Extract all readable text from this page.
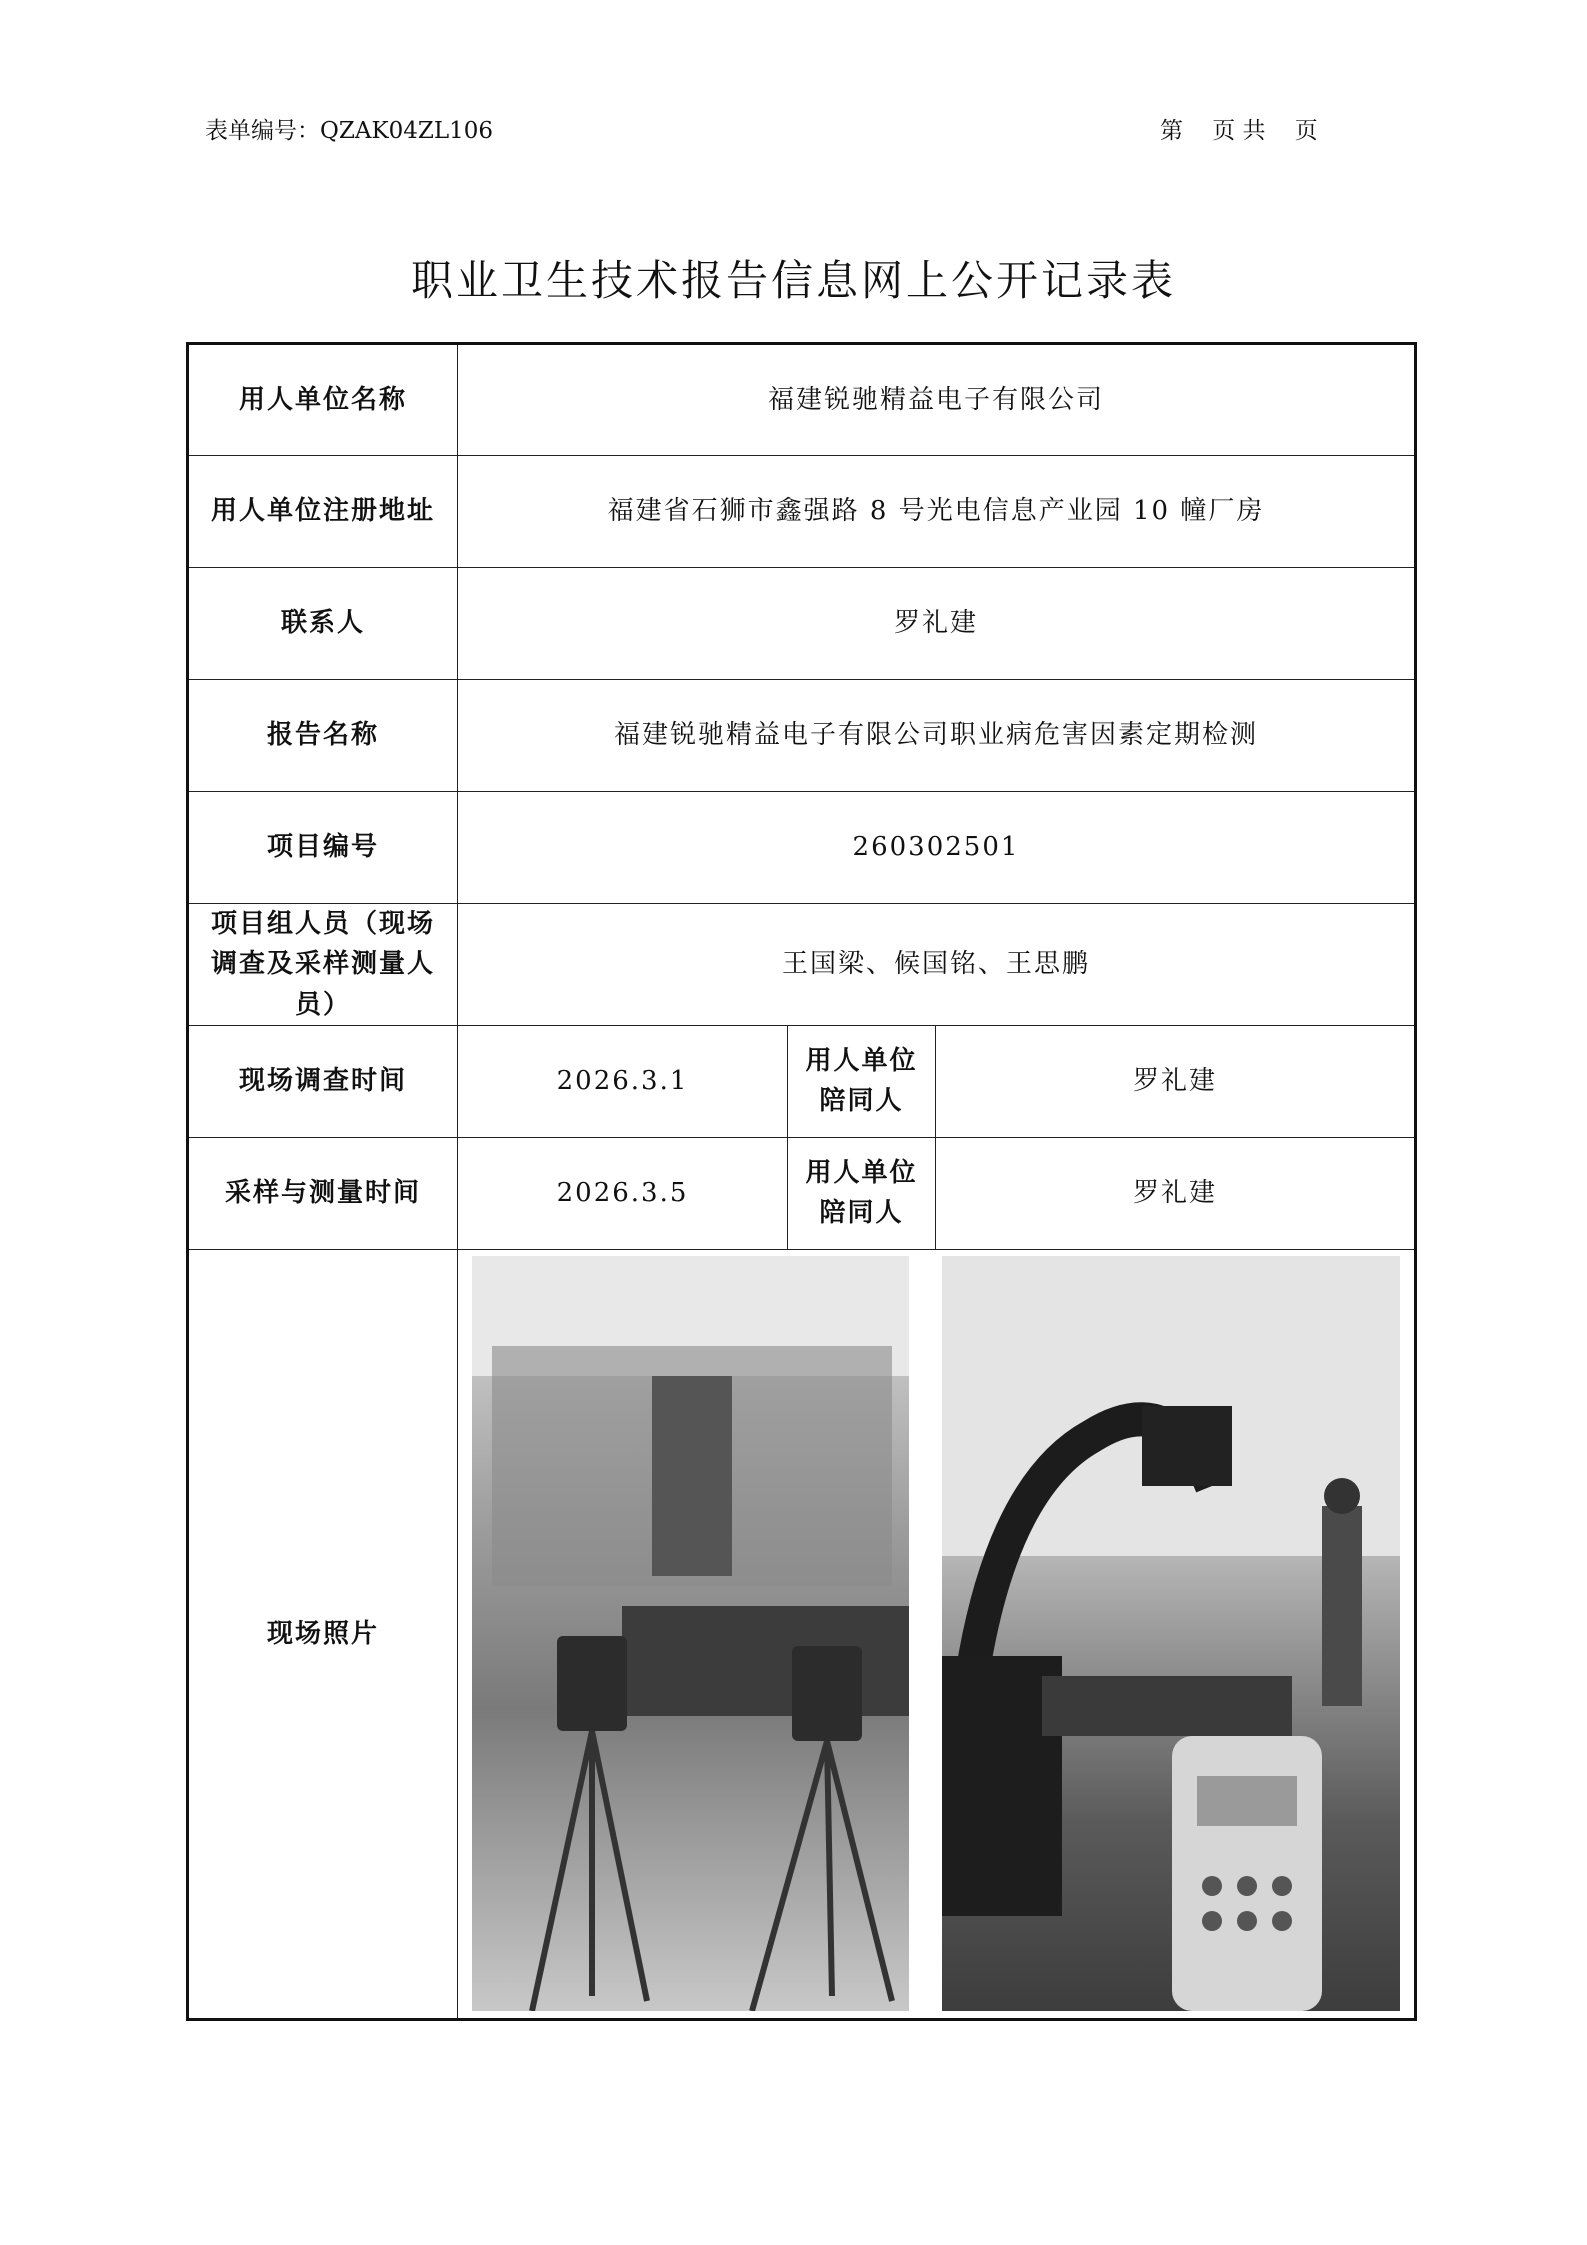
表单编号：QZAK04ZL106	第    页 共    页
职业卫生技术报告信息网上公开记录表
用人单位名称	福建锐驰精益电子有限公司		
用人单位注册地址	福建省石狮市鑫强路 8 号光电信息产业园 10 幢厂房		
联系人	罗礼建		
报告名称	福建锐驰精益电子有限公司职业病危害因素定期检测		
项目编号	260302501		
项目组人员（现场调查及采样测量人员）	王国梁、候国铭、王思鹏		
现场调查时间	2026.3.1	用人单位陪同人	罗礼建
采样与测量时间	2026.3.5	用人单位陪同人	罗礼建
现场照片	
